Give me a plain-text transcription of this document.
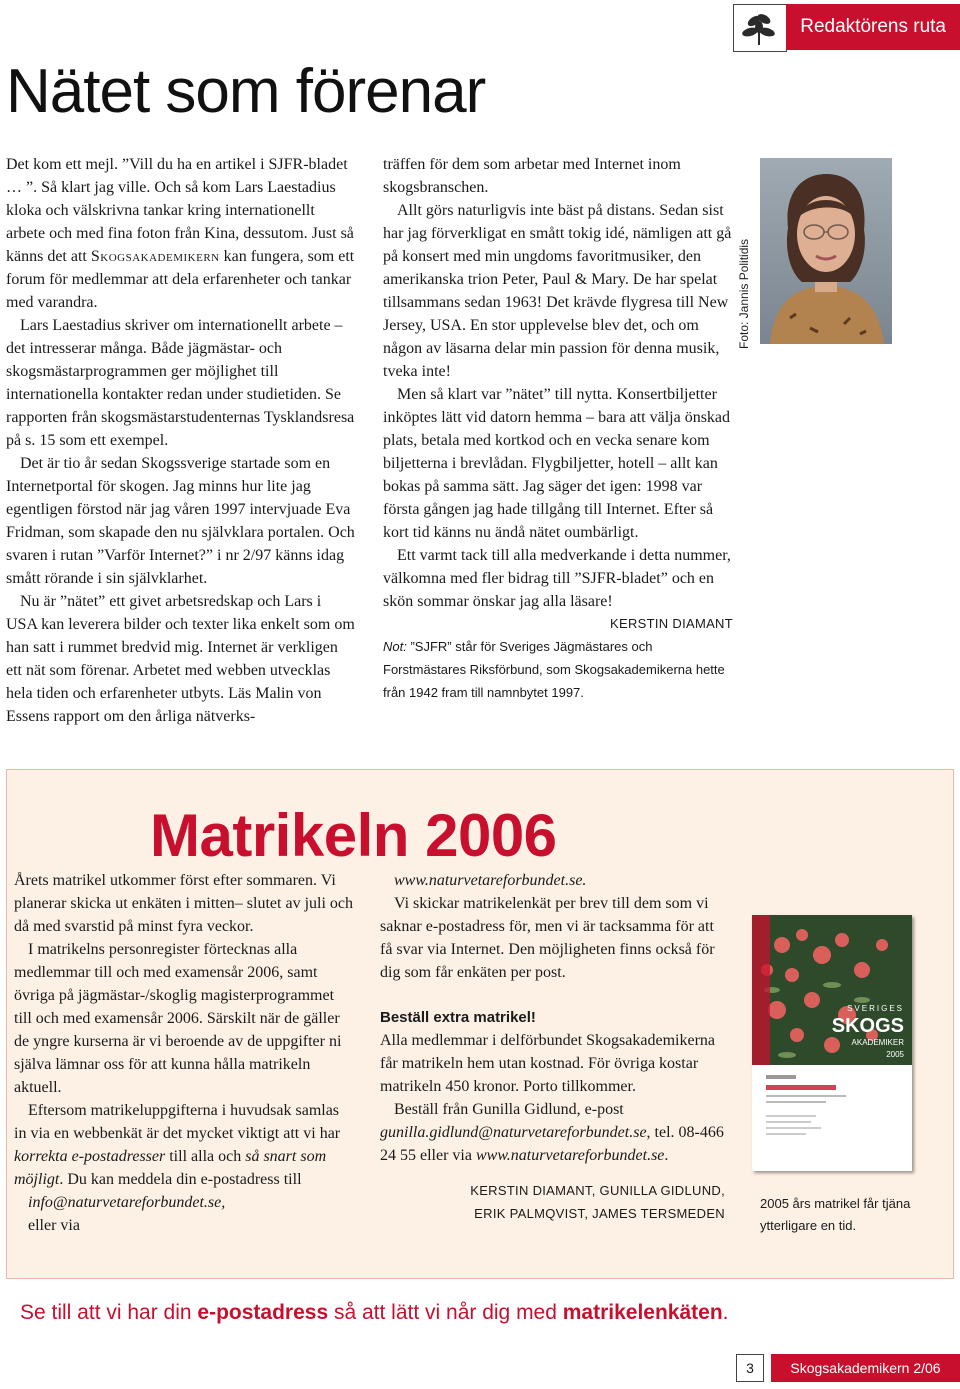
Redaktörens ruta
Nätet som förenar

Det kom ett mejl. ”Vill du ha en artikel i SJFR-bladet … ”. Så klart jag ville. Och så kom Lars Laestadius kloka och välskrivna tankar kring internationellt arbete och med fina foton från Kina, dessutom. Just så känns det att Skogsakademikern kan fungera, som ett forum för medlemmar att dela erfarenheter och tankar med varandra.

Lars Laestadius skriver om internationellt arbete – det intresserar många. Både jägmästar- och skogsmästarprogrammen ger möjlighet till internationella kontakter redan under studietiden. Se rapporten från skogsmästarstudenternas Tysklandsresa på s. 15 som ett exempel.

Det är tio år sedan Skogssverige startade som en Internetportal för skogen. Jag minns hur lite jag egentligen förstod när jag våren 1997 intervjuade Eva Fridman, som skapade den nu självklara portalen. Och svaren i rutan ”Varför Internet?” i nr 2/97 känns idag smått rörande i sin självklarhet.

Nu är ”nätet” ett givet arbetsredskap och Lars i USA kan leverera bilder och texter lika enkelt som om han satt i rummet bredvid mig. Internet är verkligen ett nät som förenar. Arbetet med webben utvecklas hela tiden och erfarenheter utbyts. Läs Malin von Essens rapport om den årliga nätverks-

träffen för dem som arbetar med Internet inom skogsbranschen.

Allt görs naturligvis inte bäst på distans. Sedan sist har jag förverkligat en smått tokig idé, nämligen att gå på konsert med min ungdoms favoritmusiker, den amerikanska trion Peter, Paul & Mary. De har spelat tillsammans sedan 1963! Det krävde flygresa till New Jersey, USA. En stor upplevelse blev det, och om någon av läsarna delar min passion för denna musik, tveka inte!

Men så klart var ”nätet” till nytta. Konsertbiljetter inköptes lätt vid datorn hemma – bara att välja önskad plats, betala med kortkod och en vecka senare kom biljetterna i brevlådan. Flygbiljetter, hotell – allt kan bokas på samma sätt. Jag säger det igen: 1998 var första gången jag hade tillgång till Internet. Efter så kort tid känns nu ändå nätet oumbärligt.

Ett varmt tack till alla medverkande i detta nummer, välkomna med fler bidrag till ”SJFR-bladet” och en skön sommar önskar jag alla läsare!

KERSTIN DIAMANT
Not: ”SJFR” står för Sveriges Jägmästares och Forstmästares Riksförbund, som Skogsakademikerna hette från 1942 fram till namnbytet 1997.
Foto: Jannis Politidis
Matrikeln 2006

Årets matrikel utkommer först efter sommaren. Vi planerar skicka ut enkäten i mitten– slutet av juli och då med svarstid på minst fyra veckor.

I matrikelns personregister förtecknas alla medlemmar till och med examensår 2006, samt övriga på jägmästar-/skoglig magisterprogrammet till och med examensår 2006. Särskilt när de gäller de yngre kurserna är vi beroende av de uppgifter ni själva lämnar oss för att kunna hålla matrikeln aktuell.

Eftersom matrikeluppgifterna i huvudsak samlas in via en webbenkät är det mycket viktigt att vi har korrekta e-postadresser till alla och så snart som möjligt. Du kan meddela din e-postadress till

info@naturvetareforbundet.se,

eller via

www.naturvetareforbundet.se.

Vi skickar matrikelenkät per brev till dem som vi saknar e-postadress för, men vi är tacksamma för att få svar via Internet. Den möjligheten finns också för dig som får enkäten per post.

Beställ extra matrikel!

Alla medlemmar i delförbundet Skogsakademikerna får matrikeln hem utan kostnad. För övriga kostar matrikeln 450 kronor. Porto tillkommer.

Beställ från Gunilla Gidlund, e-post gunilla.gidlund@naturvetareforbundet.se, tel. 08-466 24 55 eller via www.naturvetareforbundet.se.

KERSTIN DIAMANT, GUNILLA GIDLUND,
ERIK PALMQVIST, JAMES TERSMEDEN
SVERIGES
SKOGS
AKADEMIKER
2005
2005 års matrikel får tjäna ytterligare en tid.
Se till att vi har din e-postadress så att lätt vi når dig med matrikelenkäten.
3	Skogsakademikern 2/06
